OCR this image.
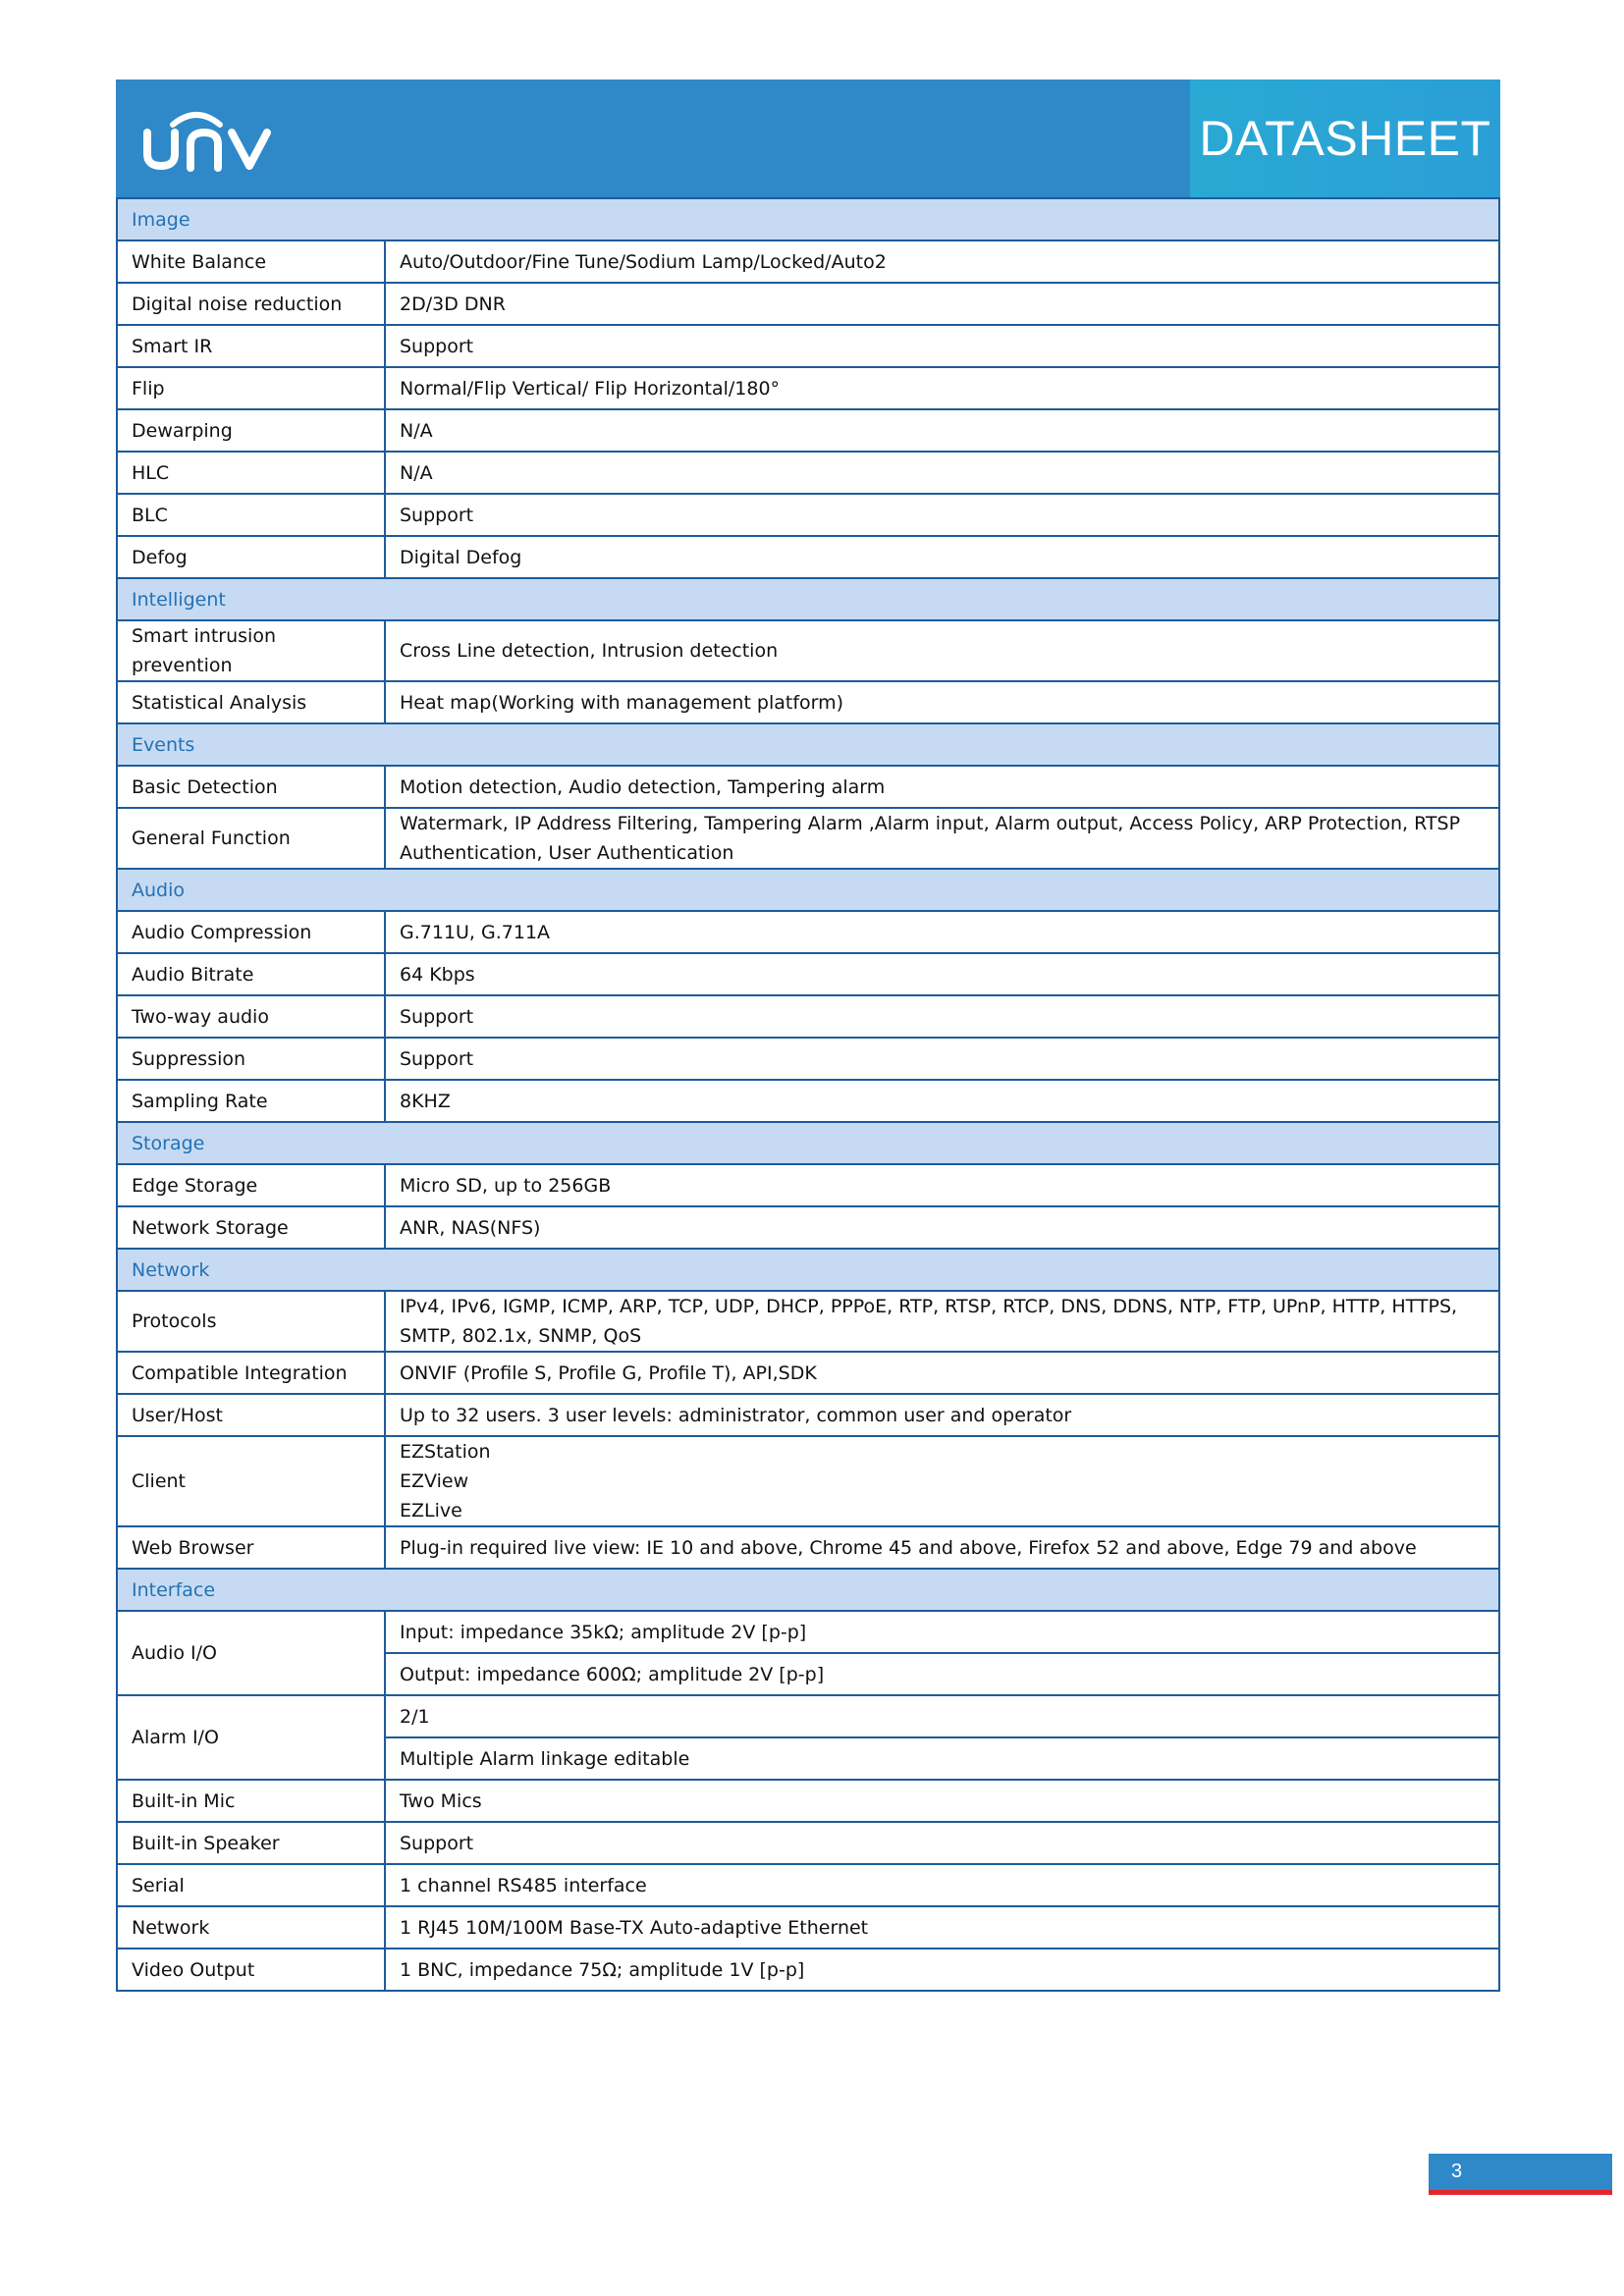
DATASHEET
Image	
White Balance	Auto/Outdoor/Fine Tune/Sodium Lamp/Locked/Auto2
Digital noise reduction	2D/3D DNR
Smart IR	Support
Flip	Normal/Flip Vertical/ Flip Horizontal/180°
Dewarping	N/A
HLC	N/A
BLC	Support
Defog	Digital Defog
Intelligent	
Smart intrusion prevention	Cross Line detection, Intrusion detection
Statistical Analysis	Heat map(Working with management platform)
Events	
Basic Detection	Motion detection, Audio detection, Tampering alarm
General Function	Watermark, IP Address Filtering, Tampering Alarm ,Alarm input, Alarm output, Access Policy, ARP Protection, RTSP Authentication, User Authentication
Audio	
Audio Compression	G.711U, G.711A
Audio Bitrate	64 Kbps
Two-way audio	Support
Suppression	Support
Sampling Rate	8KHZ
Storage	
Edge Storage	Micro SD, up to 256GB
Network Storage	ANR, NAS(NFS)
Network	
Protocols	IPv4, IPv6, IGMP, ICMP, ARP, TCP, UDP, DHCP, PPPoE, RTP, RTSP, RTCP, DNS, DDNS, NTP, FTP, UPnP, HTTP, HTTPS, SMTP, 802.1x, SNMP, QoS
Compatible Integration	ONVIF (Profile S, Profile G, Profile T), API,SDK
User/Host	Up to 32 users. 3 user levels: administrator, common user and operator
Client	EZStation
EZView
EZLive
Web Browser	Plug-in required live view: IE 10 and above, Chrome 45 and above, Firefox 52 and above, Edge 79 and above
Interface	
Audio I/O	Input: impedance 35kΩ; amplitude 2V [p-p]
	Output: impedance 600Ω; amplitude 2V [p-p]
Alarm I/O	2/1
	Multiple Alarm linkage editable
Built-in Mic	Two Mics
Built-in Speaker	Support
Serial	1 channel RS485 interface
Network	1 RJ45 10M/100M Base-TX Auto-adaptive Ethernet
Video Output	1 BNC, impedance 75Ω; amplitude 1V [p-p]
3
